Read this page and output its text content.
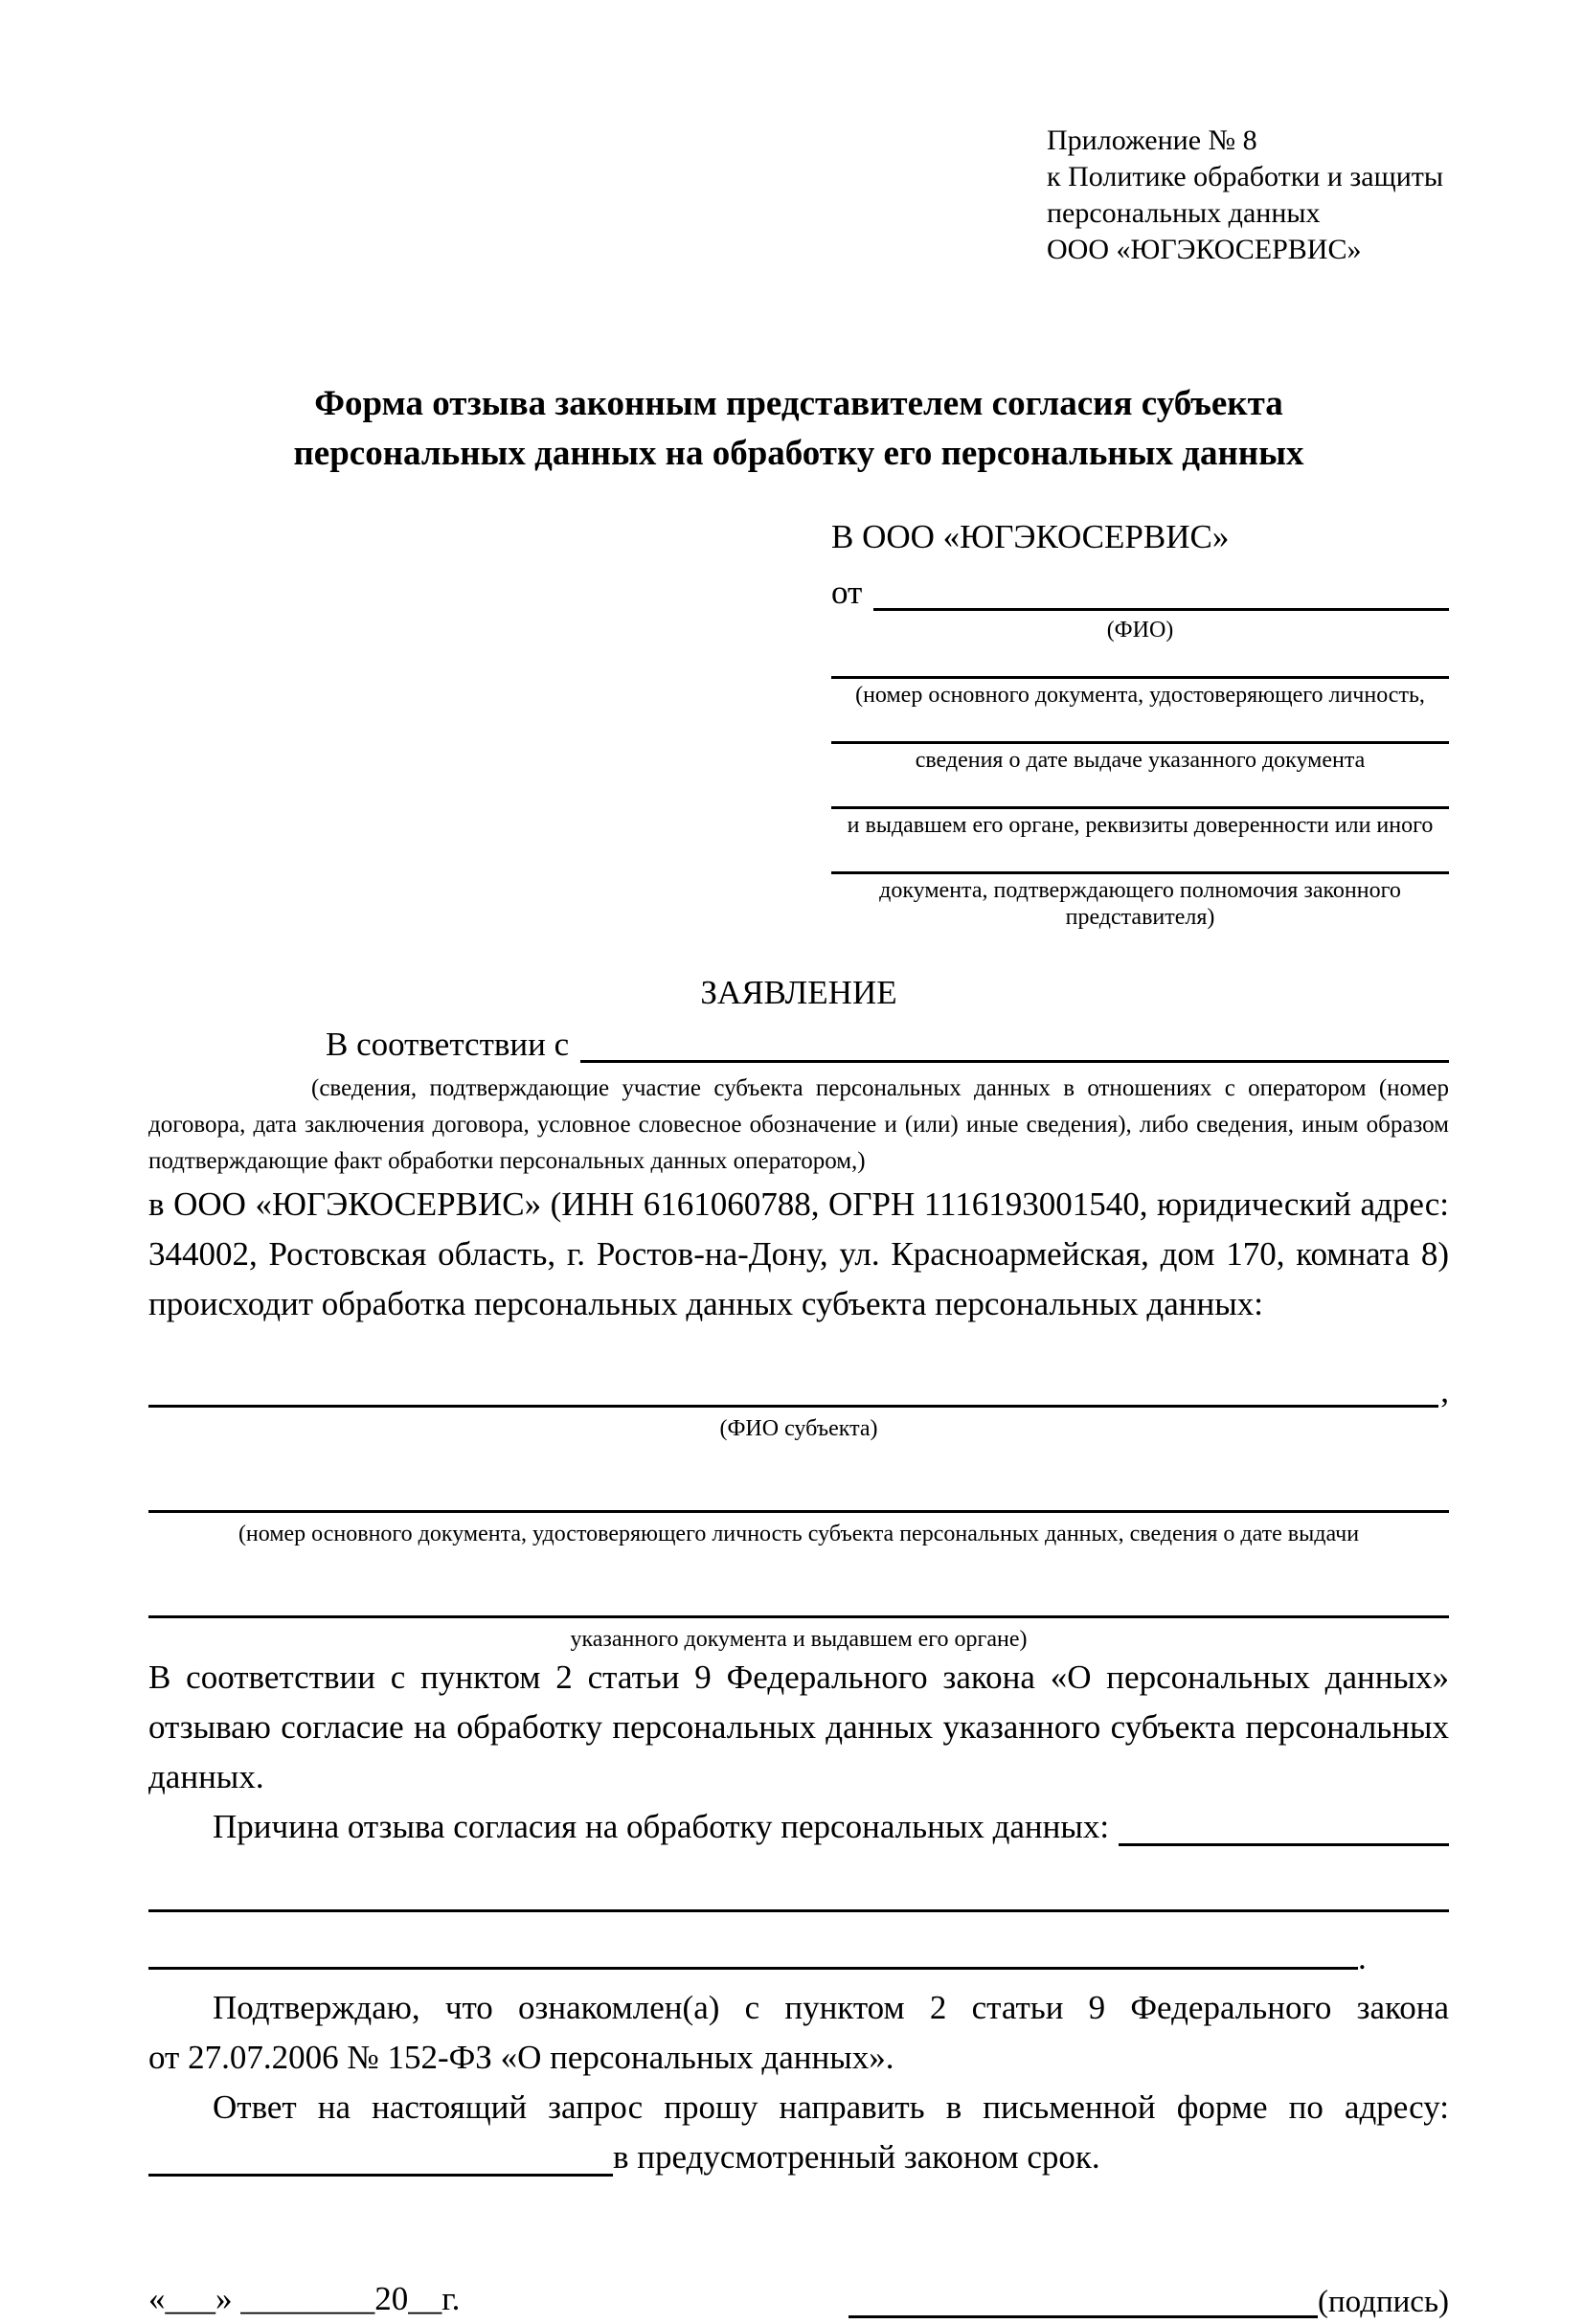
Приложение № 8
к Политике обработки и защиты
персональных данных
ООО «ЮГЭКОСЕРВИС»
Форма отзыва законным представителем согласия субъекта
персональных данных на обработку его персональных данных
В ООО «ЮГЭКОСЕРВИС»
от
(ФИО)
(номер основного документа, удостоверяющего личность,
сведения о дате выдаче указанного документа
и выдавшем его органе, реквизиты доверенности или иного
документа, подтверждающего полномочия законного представителя)
ЗАЯВЛЕНИЕ
В соответствии с
(сведения, подтверждающие участие субъекта персональных данных в отношениях с оператором (номер договора, дата заключения договора, условное словесное обозначение и (или) иные сведения), либо сведения, иным образом подтверждающие факт обработки персональных данных оператором,)
в ООО «ЮГЭКОСЕРВИС» (ИНН 6161060788, ОГРН 1116193001540, юридический адрес: 344002, Ростовская область, г. Ростов-на-Дону, ул. Красноармейская, дом 170, комната 8) происходит обработка персональных данных субъекта персональных данных:
,
(ФИО субъекта)
(номер основного документа, удостоверяющего личность субъекта персональных данных, сведения о дате выдачи
указанного документа и выдавшем его органе)
В соответствии с пунктом 2 статьи 9 Федерального закона «О персональных данных» отзываю согласие на обработку персональных данных указанного субъекта персональных данных.
Причина отзыва согласия на обработку персональных данных:
.
Подтверждаю, что ознакомлен(а) с пунктом 2 статьи 9 Федерального закона
от 27.07.2006 № 152-ФЗ «О персональных данных».
Ответ на настоящий запрос прошу направить в письменной форме по адресу:
в предусмотренный законом срок.
«___» ________20__г.	(подпись)
